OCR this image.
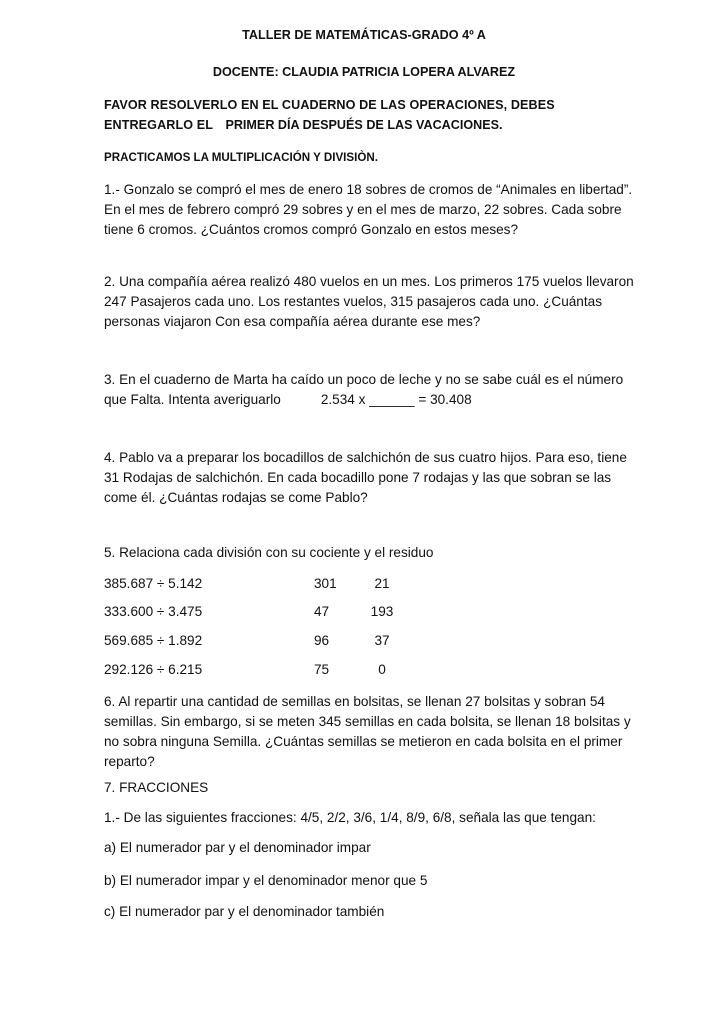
TALLER DE MATEMÁTICAS-GRADO 4º A
DOCENTE: CLAUDIA PATRICIA LOPERA ALVAREZ
FAVOR RESOLVERLO EN EL CUADERNO DE LAS OPERACIONES, DEBES ENTREGARLO EL PRIMER DÍA DESPUÉS DE LAS VACACIONES.
PRACTICAMOS LA MULTIPLICACIÓN Y DIVISIÒN.
1.- Gonzalo se compró el mes de enero 18 sobres de cromos de “Animales en libertad”.
En el mes de febrero compró 29 sobres y en el mes de marzo, 22 sobres. Cada sobre
tiene 6 cromos. ¿Cuántos cromos compró Gonzalo en estos meses?
2. Una compañía aérea realizó 480 vuelos en un mes. Los primeros 175 vuelos llevaron
247 Pasajeros cada uno. Los restantes vuelos, 315 pasajeros cada uno. ¿Cuántas
personas viajaron Con esa compañía aérea durante ese mes?
3. En el cuaderno de Marta ha caído un poco de leche y no se sabe cuál es el número
que Falta. Intenta averiguarlo	2.534 x ______ = 30.408
4. Pablo va a preparar los bocadillos de salchichón de sus cuatro hijos. Para eso, tiene
31 Rodajas de salchichón. En cada bocadillo pone 7 rodajas y las que sobran se las
come él. ¿Cuántas rodajas se come Pablo?
5. Relaciona cada división con su cociente y el residuo
385.687 ÷ 5.142	301	21
333.600 ÷ 3.475	47	193
569.685 ÷ 1.892	96	37
292.126 ÷ 6.215	75	0
6. Al repartir una cantidad de semillas en bolsitas, se llenan 27 bolsitas y sobran 54
semillas. Sin embargo, si se meten 345 semillas en cada bolsita, se llenan 18 bolsitas y
no sobra ninguna Semilla. ¿Cuántas semillas se metieron en cada bolsita en el primer
reparto?
7. FRACCIONES
1.- De las siguientes fracciones: 4/5, 2/2, 3/6, 1/4, 8/9, 6/8, señala las que tengan:
a) El numerador par y el denominador impar
b) El numerador impar y el denominador menor que 5
c) El numerador par y el denominador también
